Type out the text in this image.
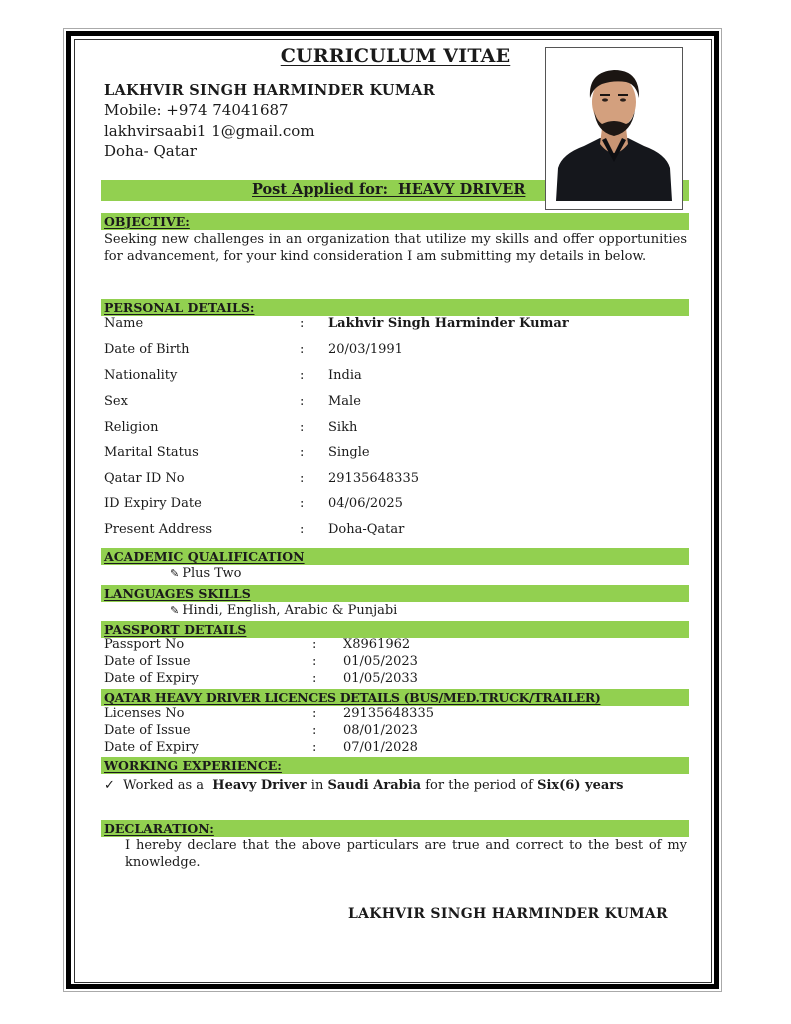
CURRICULUM VITAE
LAKHVIR SINGH HARMINDER KUMAR
Mobile: +974 74041687
lakhvirsaabi1 1@gmail.com
Doha- Qatar
Post Applied for:  HEAVY DRIVER
OBJECTIVE:
Seeking new challenges in an organization that utilize my skills and offer opportunities for advancement, for your kind consideration I am submitting my details in below.
PERSONAL DETAILS:
Name	: Lakhvir Singh Harminder Kumar
Date of Birth	: 20/03/1991
Nationality	: India
Sex	: Male
Religion	: Sikh
Marital Status	: Single
Qatar ID No	: 29135648335
ID Expiry Date	: 04/06/2025
Present Address	: Doha-Qatar
ACADEMIC QUALIFICATION
✎ Plus Two
LANGUAGES SKILLS
✎ Hindi, English, Arabic & Punjabi
PASSPORT DETAILS
Passport No	: X8961962
Date of Issue	: 01/05/2023
Date of Expiry	: 01/05/2033
QATAR HEAVY DRIVER LICENCES DETAILS (BUS/MED.TRUCK/TRAILER)
Licenses No	: 29135648335
Date of Issue	: 08/01/2023
Date of Expiry	: 07/01/2028
WORKING EXPERIENCE:
✓ Worked as a  Heavy Driver in Saudi Arabia for the period of Six(6) years
DECLARATION:
I hereby declare that the above particulars are true and correct to the best of my knowledge.
LAKHVIR SINGH HARMINDER KUMAR
